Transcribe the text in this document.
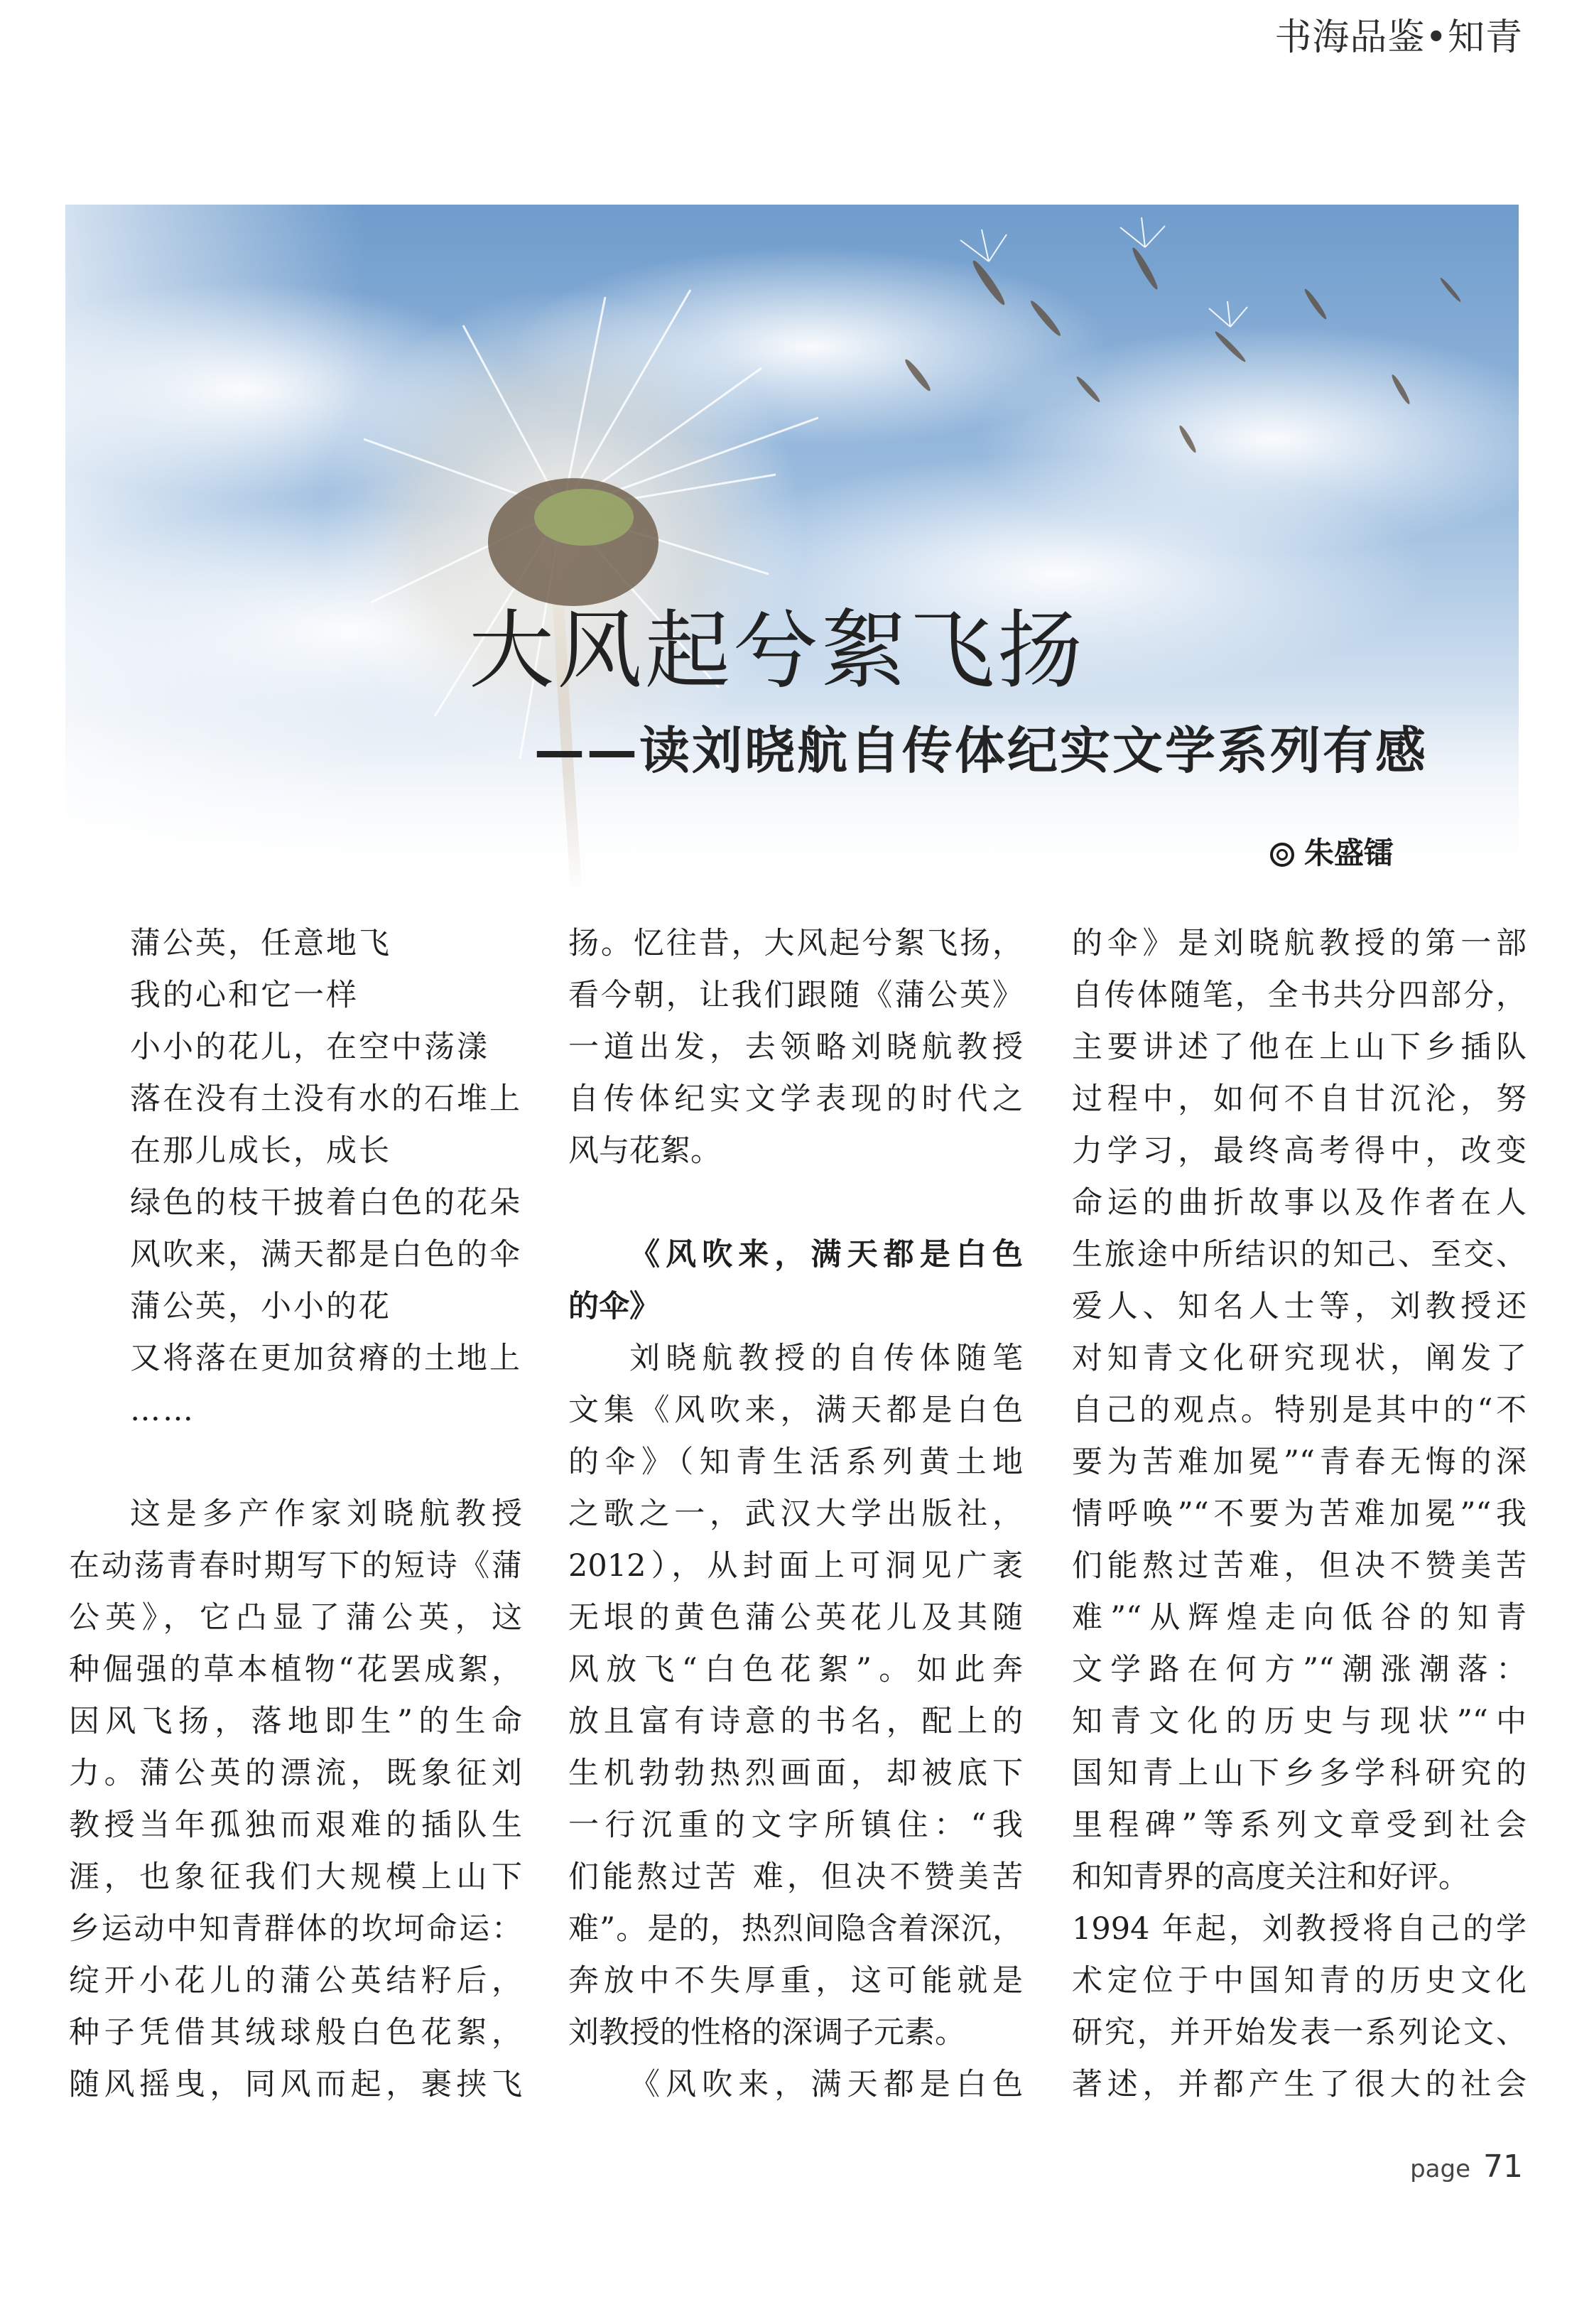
书海品鉴•知青
大风起兮絮飞扬
——读刘晓航自传体纪实文学系列有感
朱盛镭
蒲公英，任意地飞
我的心和它一样
小小的花儿，在空中荡漾
落在没有土没有水的石堆上
在那儿成长，成长
绿色的枝干披着白色的花朵
风吹来，满天都是白色的伞
蒲公英，小小的花
又将落在更加贫瘠的土地上
……
这是多产作家刘晓航教授
在动荡青春时期写下的短诗《蒲
公英》，它凸显了蒲公英，这
种倔强的草本植物“花罢成絮，
因风飞扬，落地即生”的生命
力。蒲公英的漂流，既象征刘
教授当年孤独而艰难的插队生
涯，也象征我们大规模上山下
乡运动中知青群体的坎坷命运：
绽开小花儿的蒲公英结籽后，
种子凭借其绒球般白色花絮，
随风摇曳，同风而起，裹挟飞
扬。忆往昔，大风起兮絮飞扬，
看今朝，让我们跟随《蒲公英》
一道出发，去领略刘晓航教授
自传体纪实文学表现的时代之
风与花絮。
《风吹来，满天都是白色
的伞》
刘晓航教授的自传体随笔
文集《风吹来，满天都是白色
的伞》（知青生活系列黄土地
之歌之一，武汉大学出版社，
2012），从封面上可洞见广袤
无垠的黄色蒲公英花儿及其随
风放飞“白色花絮”。如此奔
放且富有诗意的书名，配上的
生机勃勃热烈画面，却被底下
一行沉重的文字所镇住：“我
们能熬过苦 难，但决不赞美苦
难”。是的，热烈间隐含着深沉，
奔放中不失厚重，这可能就是
刘教授的性格的深调子元素。
《风吹来，满天都是白色
的伞》是刘晓航教授的第一部
自传体随笔，全书共分四部分，
主要讲述了他在上山下乡插队
过程中，如何不自甘沉沦，努
力学习，最终高考得中，改变
命运的曲折故事以及作者在人
生旅途中所结识的知己、至交、
爱人、知名人士等，刘教授还
对知青文化研究现状，阐发了
自己的观点。特别是其中的“不
要为苦难加冕”“青春无悔的深
情呼唤”“不要为苦难加冕”“我
们能熬过苦难，但决不赞美苦
难”“从辉煌走向低谷的知青
文学路在何方”“潮涨潮落：
知青文化的历史与现状”“中
国知青上山下乡多学科研究的
里程碑”等系列文章受到社会
和知青界的高度关注和好评。
1994 年起，刘教授将自己的学
术定位于中国知青的历史文化
研究，并开始发表一系列论文、
著述，并都产生了很大的社会
page 71
